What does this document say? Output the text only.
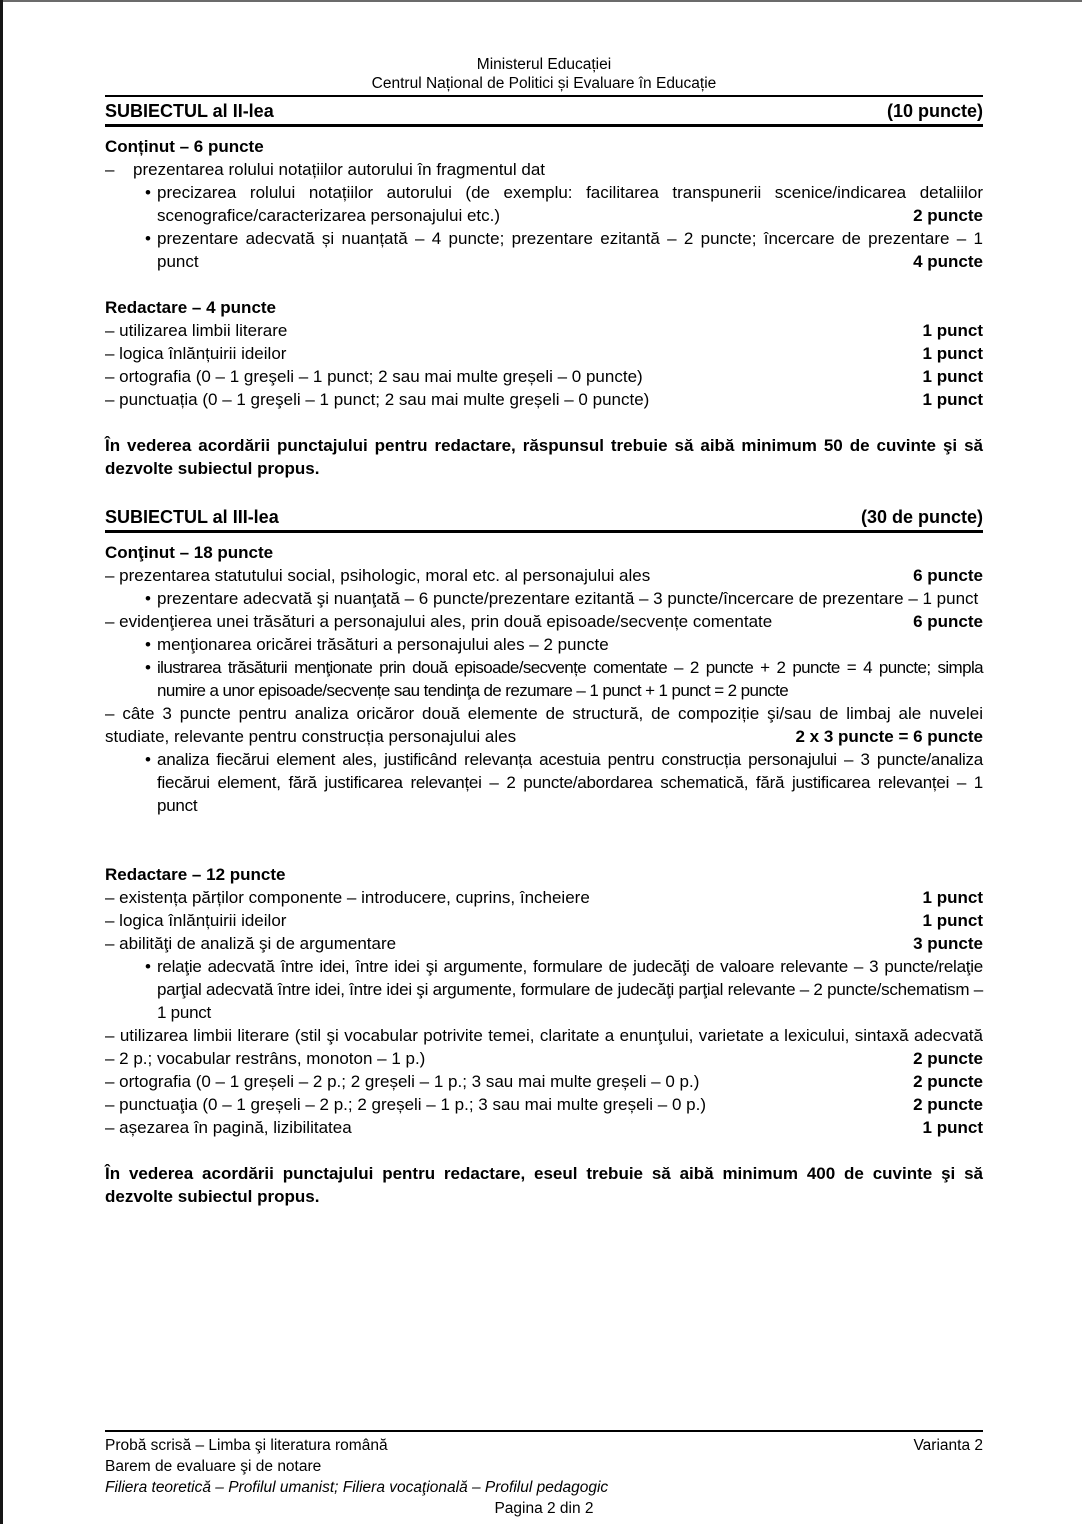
Ministerul Educației
Centrul Național de Politici și Evaluare în Educație
SUBIECTUL al II-lea	(10 puncte)
Conținut – 6 puncte
– prezentarea rolului notațiilor autorului în fragmentul dat
• precizarea rolului notațiilor autorului (de exemplu: facilitarea transpunerii scenice/indicarea detaliilor scenografice/caracterizarea personajului etc.)	2 puncte
• prezentare adecvată și nuanțată – 4 puncte; prezentare ezitantă – 2 puncte; încercare de prezentare – 1 punct	4 puncte
Redactare – 4 puncte
– utilizarea limbii literare	1 punct
– logica înlănțuirii ideilor	1 punct
– ortografia (0 – 1 greşeli – 1 punct; 2 sau mai multe greșeli – 0 puncte)	1 punct
– punctuația (0 – 1 greşeli – 1 punct; 2 sau mai multe greșeli – 0 puncte)	1 punct
În vederea acordării punctajului pentru redactare, răspunsul trebuie să aibă minimum 50 de cuvinte şi să dezvolte subiectul propus.
SUBIECTUL al III-lea	(30 de puncte)
Conţinut – 18 puncte
– prezentarea statutului social, psihologic, moral etc. al personajului ales	6 puncte
• prezentare adecvată şi nuanţată – 6 puncte/prezentare ezitantă – 3 puncte/încercare de prezentare – 1 punct
– evidenţierea unei trăsături a personajului ales, prin două episoade/secvențe comentate	6 puncte
• menţionarea oricărei trăsături a personajului ales – 2 puncte
• ilustrarea trăsăturii menţionate prin două episoade/secvențe comentate – 2 puncte + 2 puncte = 4 puncte; simpla numire a unor episoade/secvențe sau tendinţa de rezumare – 1 punct + 1 punct = 2 puncte
– câte 3 puncte pentru analiza oricăror două elemente de structură, de compoziție şi/sau de limbaj ale nuvelei studiate, relevante pentru construcția personajului ales	2 x 3 puncte = 6 puncte
• analiza fiecărui element ales, justificând relevanța acestuia pentru construcția personajului – 3 puncte/analiza fiecărui element, fără justificarea relevanței – 2 puncte/abordarea schematică, fără justificarea relevanței – 1 punct
Redactare – 12 puncte
– existența părților componente – introducere, cuprins, încheiere	1 punct
– logica înlănțuirii ideilor	1 punct
– abilităţi de analiză şi de argumentare	3 puncte
• relaţie adecvată între idei, între idei şi argumente, formulare de judecăţi de valoare relevante – 3 puncte/relaţie parţial adecvată între idei, între idei şi argumente, formulare de judecăţi parţial relevante – 2 puncte/schematism – 1 punct
– utilizarea limbii literare (stil şi vocabular potrivite temei, claritate a enunţului, varietate a lexicului, sintaxă adecvată – 2 p.; vocabular restrâns, monoton – 1 p.)	2 puncte
– ortografia (0 – 1 greșeli – 2 p.; 2 greșeli – 1 p.; 3 sau mai multe greșeli – 0 p.)	2 puncte
– punctuaţia (0 – 1 greșeli – 2 p.; 2 greșeli – 1 p.; 3 sau mai multe greșeli – 0 p.)	2 puncte
– așezarea în pagină, lizibilitatea	1 punct
În vederea acordării punctajului pentru redactare, eseul trebuie să aibă minimum 400 de cuvinte şi să dezvolte subiectul propus.
Probă scrisă – Limba şi literatura română	Varianta 2
Barem de evaluare şi de notare
Filiera teoretică – Profilul umanist; Filiera vocaţională – Profilul pedagogic
Pagina 2 din 2
